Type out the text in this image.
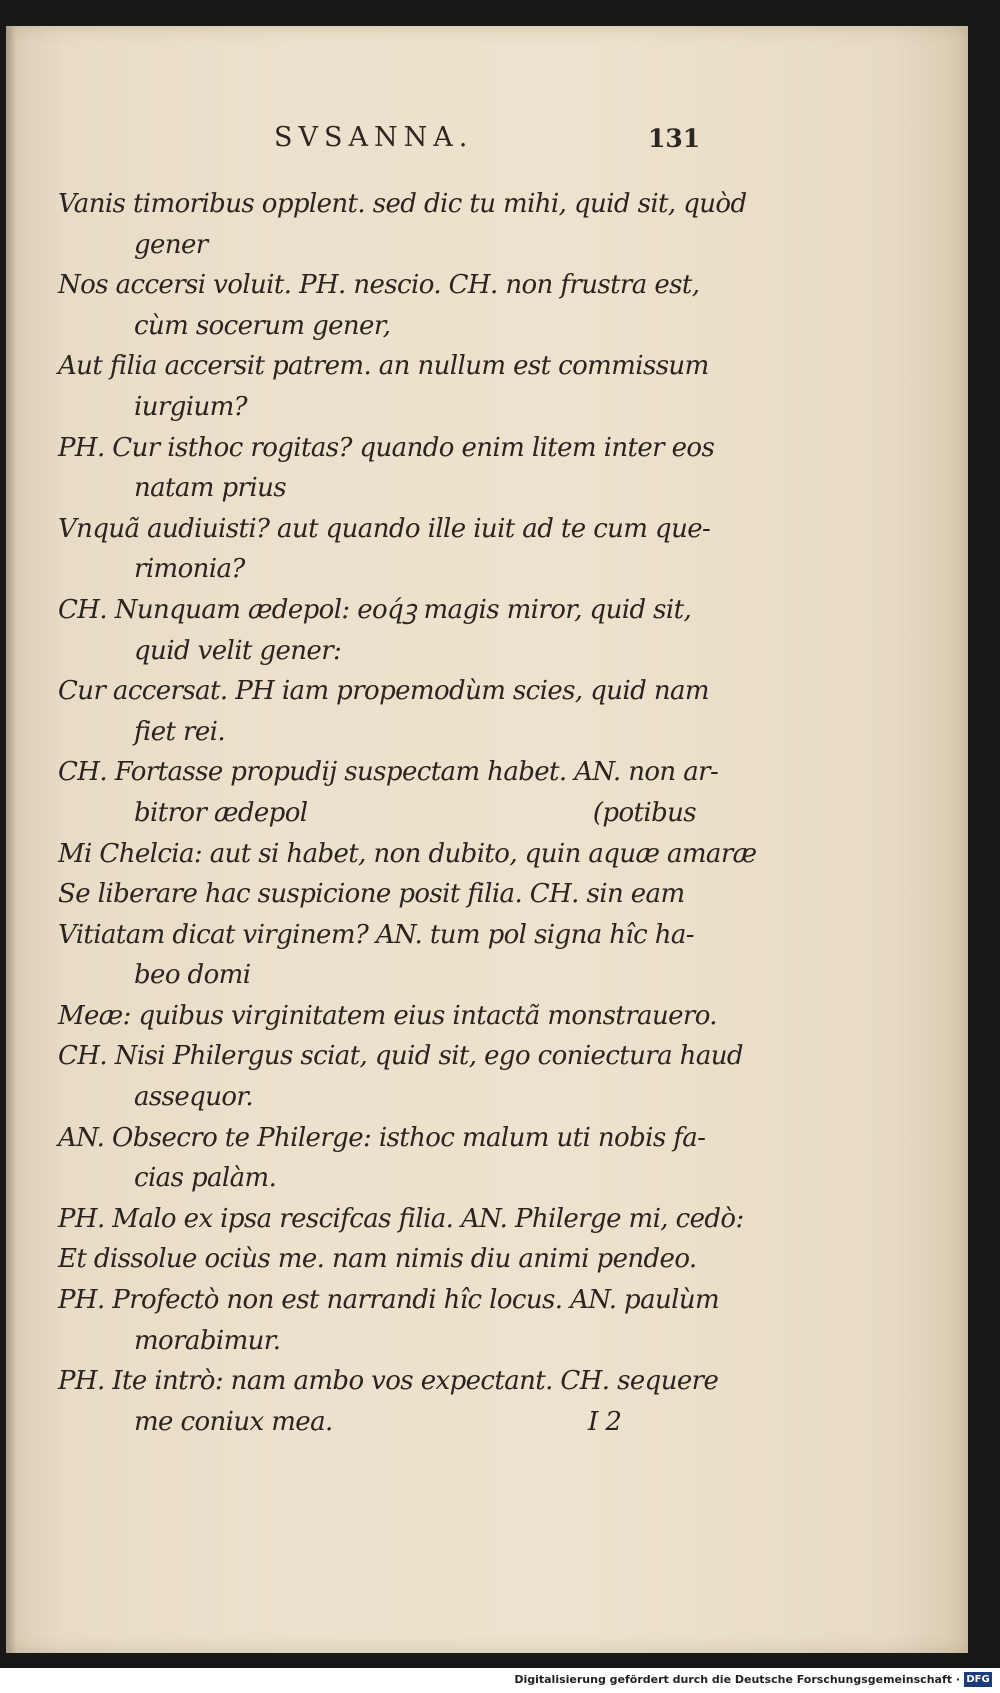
SVSANNA.	131
Vanis timoribus opplent. sed dic tu mihi, quid sit, quòd
gener
Nos accersi voluit. PH. nescio. CH. non frustra est,
cùm socerum gener,
Aut filia accersit patrem. an nullum est commissum
iurgium?
PH. Cur isthoc rogitas? quando enim litem inter eos
natam prius
Vnquã audiuisti? aut quando ille iuit ad te cum que-
rimonia?
CH. Nunquam ædepol: eoq́ꝫ magis miror, quid sit,
quid velit gener:
Cur accersat. PH iam propemodùm scies, quid nam
fiet rei.
CH. Fortasse propudij suspectam habet. AN. non ar-
bitror ædepol	(potibus
Mi Chelcia: aut si habet, non dubito, quin aquæ amaræ
Se liberare hac suspicione posit filia. CH. sin eam
Vitiatam dicat virginem? AN. tum pol signa hîc ha-
beo domi
Meæ: quibus virginitatem eius intactã monstrauero.
CH. Nisi Philergus sciat, quid sit, ego coniectura haud
assequor.
AN. Obsecro te Philerge: isthoc malum uti nobis fa-
cias palàm.
PH. Malo ex ipsa rescifcas filia. AN. Philerge mi, cedò:
Et dissolue ociùs me. nam nimis diu animi pendeo.
PH. Profectò non est narrandi hîc locus. AN. paulùm
morabimur.
PH. Ite intrò: nam ambo vos expectant. CH. sequere
me coniux mea.	I 2
Digitalisierung gefördert durch die Deutsche Forschungsgemeinschaft · DFG
